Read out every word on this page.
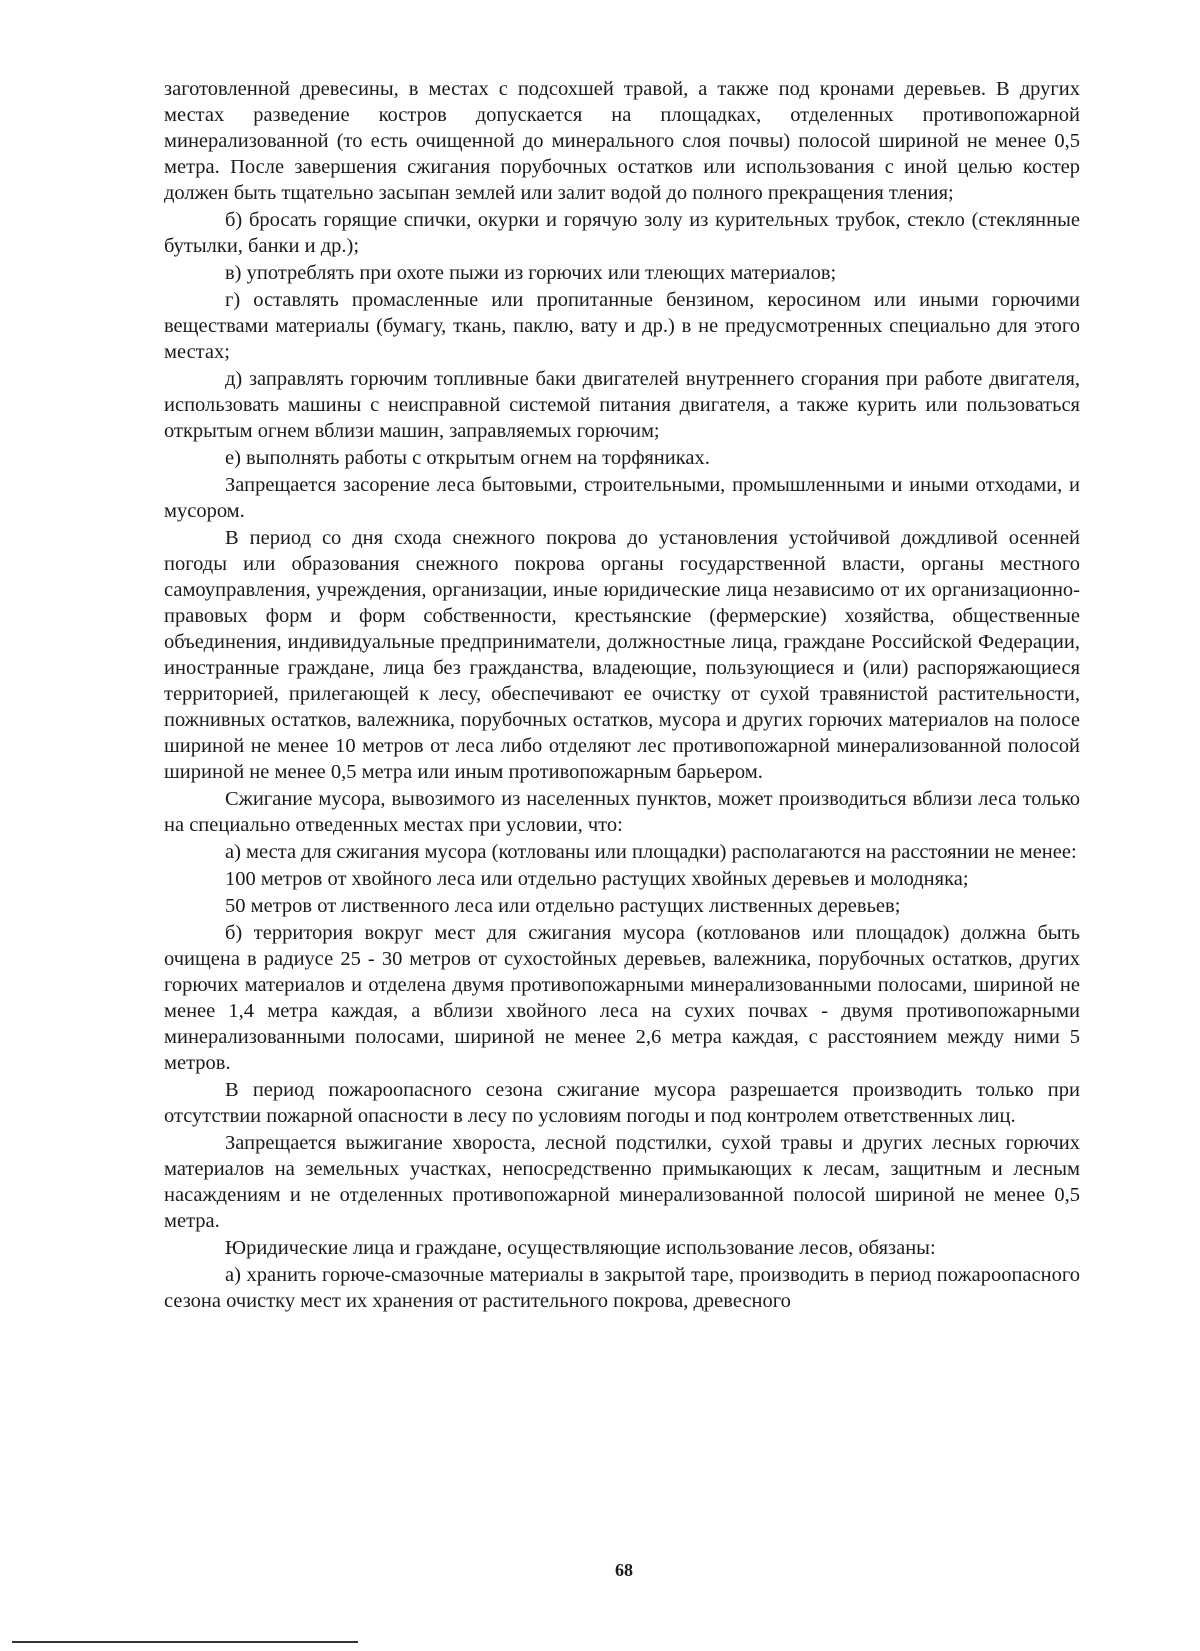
заготовленной древесины, в местах с подсохшей травой, а также под кронами деревьев. В других местах разведение костров допускается на площадках, отделенных противопожарной минерализованной (то есть очищенной до минерального слоя почвы) полосой шириной не менее 0,5 метра. После завершения сжигания порубочных остатков или использования с иной целью костер должен быть тщательно засыпан землей или залит водой до полного прекращения тления;

б) бросать горящие спички, окурки и горячую золу из курительных трубок, стекло (стеклянные бутылки, банки и др.);

в) употреблять при охоте пыжи из горючих или тлеющих материалов;

г) оставлять промасленные или пропитанные бензином, керосином или иными горючими веществами материалы (бумагу, ткань, паклю, вату и др.) в не предусмотренных специально для этого местах;

д) заправлять горючим топливные баки двигателей внутреннего сгорания при работе двигателя, использовать машины с неисправной системой питания двигателя, а также курить или пользоваться открытым огнем вблизи машин, заправляемых горючим;

е) выполнять работы с открытым огнем на торфяниках.

Запрещается засорение леса бытовыми, строительными, промышленными и иными отходами, и мусором.

В период со дня схода снежного покрова до установления устойчивой дождливой осенней погоды или образования снежного покрова органы государственной власти, органы местного самоуправления, учреждения, организации, иные юридические лица независимо от их организационно-правовых форм и форм собственности, крестьянские (фермерские) хозяйства, общественные объединения, индивидуальные предприниматели, должностные лица, граждане Российской Федерации, иностранные граждане, лица без гражданства, владеющие, пользующиеся и (или) распоряжающиеся территорией, прилегающей к лесу, обеспечивают ее очистку от сухой травянистой растительности, пожнивных остатков, валежника, порубочных остатков, мусора и других горючих материалов на полосе шириной не менее 10 метров от леса либо отделяют лес противопожарной минерализованной полосой шириной не менее 0,5 метра или иным противопожарным барьером.

Сжигание мусора, вывозимого из населенных пунктов, может производиться вблизи леса только на специально отведенных местах при условии, что:

а) места для сжигания мусора (котлованы или площадки) располагаются на расстоянии не менее:

100 метров от хвойного леса или отдельно растущих хвойных деревьев и молодняка;

50 метров от лиственного леса или отдельно растущих лиственных деревьев;

б) территория вокруг мест для сжигания мусора (котлованов или площадок) должна быть очищена в радиусе 25 - 30 метров от сухостойных деревьев, валежника, порубочных остатков, других горючих материалов и отделена двумя противопожарными минерализованными полосами, шириной не менее 1,4 метра каждая, а вблизи хвойного леса на сухих почвах - двумя противопожарными минерализованными полосами, шириной не менее 2,6 метра каждая, с расстоянием между ними 5 метров.

В период пожароопасного сезона сжигание мусора разрешается производить только при отсутствии пожарной опасности в лесу по условиям погоды и под контролем ответственных лиц.

Запрещается выжигание хвороста, лесной подстилки, сухой травы и других лесных горючих материалов на земельных участках, непосредственно примыкающих к лесам, защитным и лесным насаждениям и не отделенных противопожарной минерализованной полосой шириной не менее 0,5 метра.

Юридические лица и граждане, осуществляющие использование лесов, обязаны:

а) хранить горюче-смазочные материалы в закрытой таре, производить в период пожароопасного сезона очистку мест их хранения от растительного покрова, древесного

68
